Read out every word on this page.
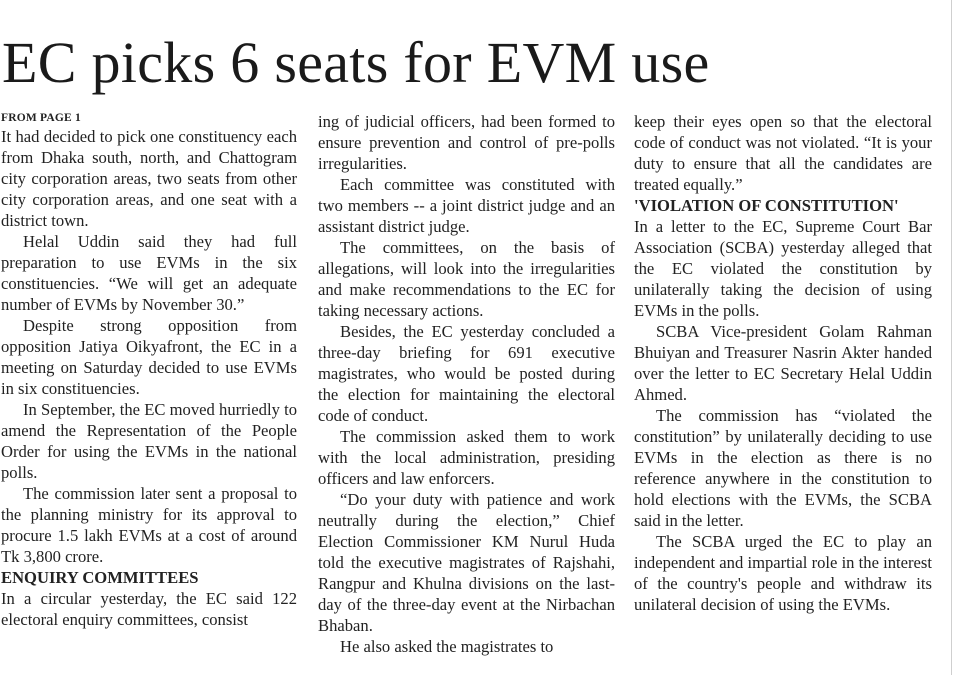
EC picks 6 seats for EVM use

FROM PAGE 1

It had decided to pick one constituency each from Dhaka south, north, and Chattogram city corporation areas, two seats from other city corporation areas, and one seat with a district town.

Helal Uddin said they had full preparation to use EVMs in the six constituencies. “We will get an adequate number of EVMs by November 30.”

Despite strong opposition from opposition Jatiya Oikyafront, the EC in a meeting on Saturday decided to use EVMs in six constituencies.

In September, the EC moved hurriedly to amend the Representation of the People Order for using the EVMs in the national polls.

The commission later sent a proposal to the planning ministry for its approval to procure 1.5 lakh EVMs at a cost of around Tk 3,800 crore.

ENQUIRY COMMITTEES

In a circular yesterday, the EC said 122 electoral enquiry committees, consist

ing of judicial officers, had been formed to ensure prevention and control of pre-polls irregularities.

Each committee was constituted with two members -- a joint district judge and an assistant district judge.

The committees, on the basis of allegations, will look into the irregularities and make recommendations to the EC for taking necessary actions.

Besides, the EC yesterday concluded a three-day briefing for 691 executive magistrates, who would be posted during the election for maintaining the electoral code of conduct.

The commission asked them to work with the local administration, presiding officers and law enforcers.

“Do your duty with patience and work neutrally during the election,” Chief Election Commissioner KM Nurul Huda told the executive magistrates of Rajshahi, Rangpur and Khulna divisions on the last-day of the three-day event at the Nirbachan Bhaban.

He also asked the magistrates to

keep their eyes open so that the electoral code of conduct was not violated. “It is your duty to ensure that all the candidates are treated equally.”

'VIOLATION OF CONSTITUTION'

In a letter to the EC, Supreme Court Bar Association (SCBA) yesterday alleged that the EC violated the constitution by unilaterally taking the decision of using EVMs in the polls.

SCBA Vice-president Golam Rahman Bhuiyan and Treasurer Nasrin Akter handed over the letter to EC Secretary Helal Uddin Ahmed.

The commission has “violated the constitution” by unilaterally deciding to use EVMs in the election as there is no reference anywhere in the constitution to hold elections with the EVMs, the SCBA said in the letter.

The SCBA urged the EC to play an independent and impartial role in the interest of the country's people and withdraw its unilateral decision of using the EVMs.
